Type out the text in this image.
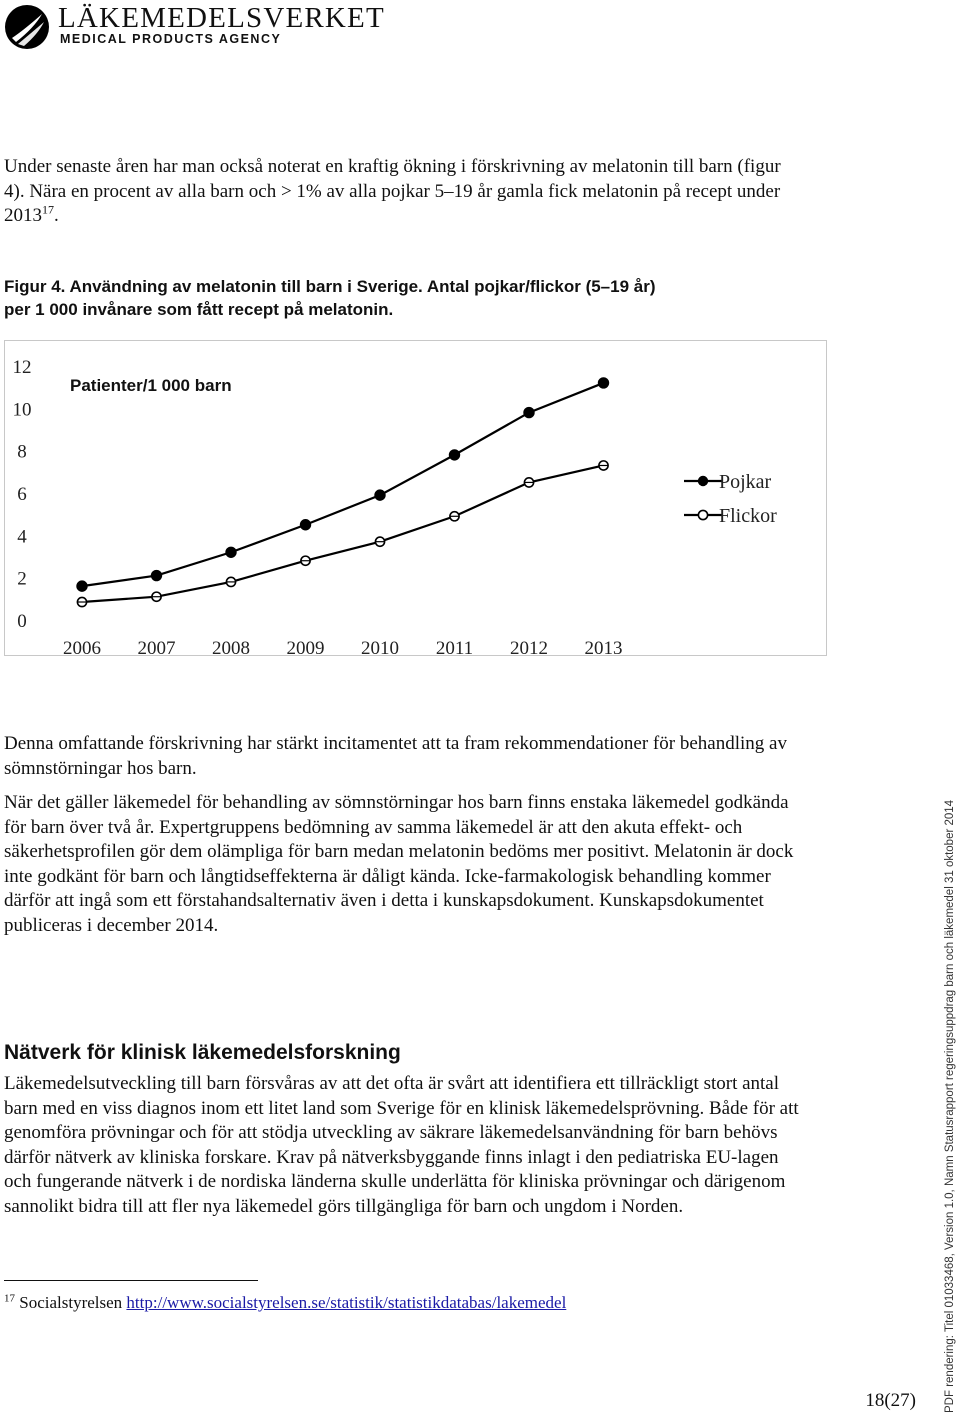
LÄKEMEDELSVERKET
MEDICAL PRODUCTS AGENCY
Under senaste åren har man också noterat en kraftig ökning i förskrivning av melatonin till barn (figur 4). Nära en procent av alla barn och > 1% av alla pojkar 5–19 år gamla fick melatonin på recept under 2013$^{17}$.
Figur 4. Användning av melatonin till barn i Sverige. Antal pojkar/flickor (5–19 år)
per 1 000 invånare som fått recept på melatonin.
Patienter/1 000 barn
0
2
4
6
8
10
12
2006 2007 2008 2009 2010 2011 2012 2013
Pojkar
Flickor
Denna omfattande förskrivning har stärkt incitamentet att ta fram rekommendationer för behandling av sömnstörningar hos barn.
När det gäller läkemedel för behandling av sömnstörningar hos barn finns enstaka läkemedel godkända för barn över två år. Expertgruppens bedömning av samma läkemedel är att den akuta effekt- och säkerhetsprofilen gör dem olämpliga för barn medan melatonin bedöms mer positivt. Melatonin är dock inte godkänt för barn och långtidseffekterna är dåligt kända. Icke-farmakologisk behandling kommer därför att ingå som ett förstahandsalternativ även i detta i kunskapsdokument. Kunskapsdokumentet publiceras i december 2014.
Nätverk för klinisk läkemedelsforskning
Läkemedelsutveckling till barn försvåras av att det ofta är svårt att identifiera ett tillräckligt stort antal barn med en viss diagnos inom ett litet land som Sverige för en klinisk läkemedelsprövning. Både för att genomföra prövningar och för att stödja utveckling av säkrare läkemedelsanvändning för barn behövs därför nätverk av kliniska forskare. Krav på nätverksbyggande finns inlagt i den pediatriska EU-lagen och fungerande nätverk i de nordiska länderna skulle underlätta för kliniska prövningar och därigenom sannolikt bidra till att fler nya läkemedel görs tillgängliga för barn och ungdom i Norden.
$^{17}$ Socialstyrelsen http://www.socialstyrelsen.se/statistik/statistikdatabas/lakemedel	PDF rendering: Titel 01033468, Version 1.0, Namn Statusrapport regeringsuppdrag barn och läkemedel 31 oktober 2014
18(27)
